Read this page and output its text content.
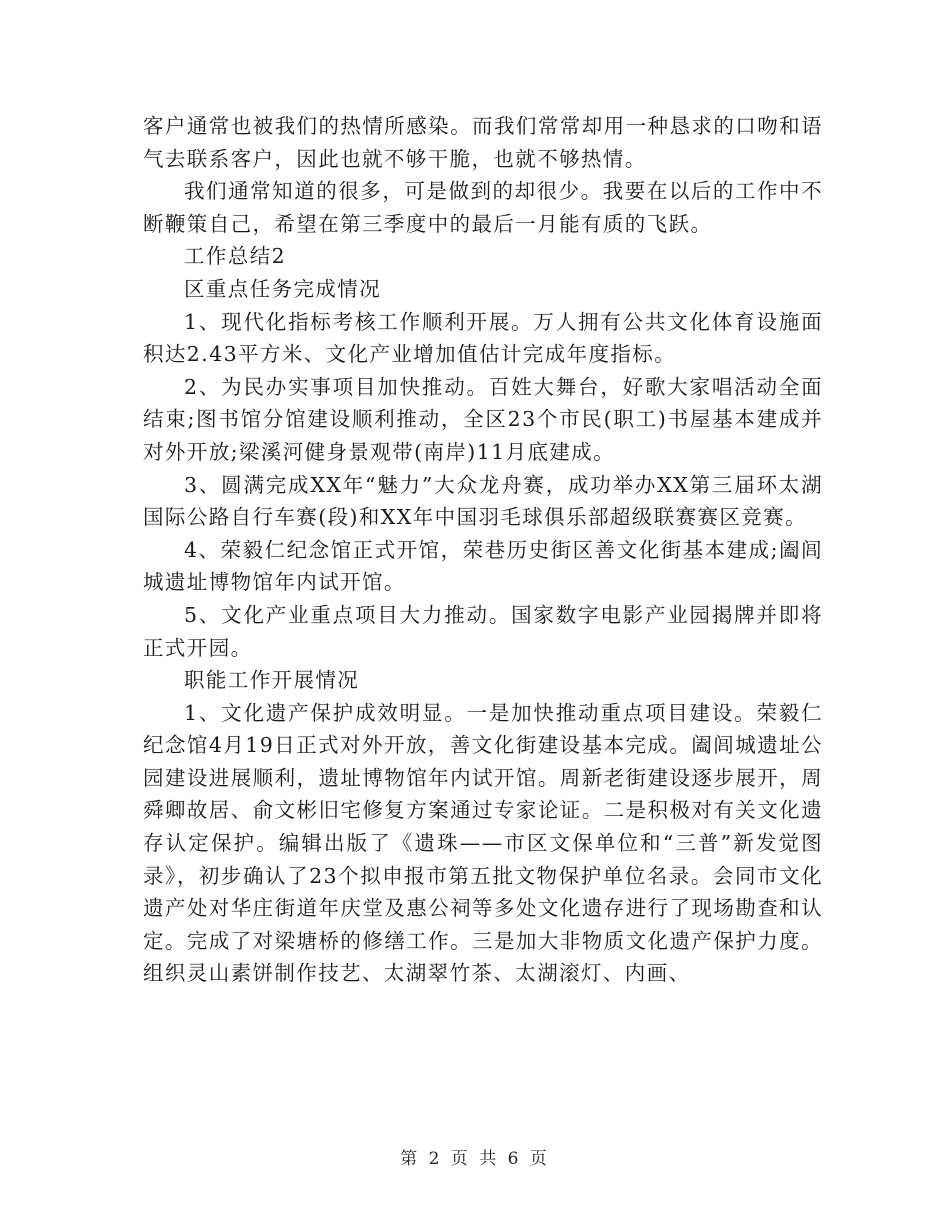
客户通常也被我们的热情所感染。而我们常常却用一种恳求的口吻和语气去联系客户，因此也就不够干脆，也就不够热情。

我们通常知道的很多，可是做到的却很少。我要在以后的工作中不断鞭策自己，希望在第三季度中的最后一月能有质的飞跃。

工作总结2

区重点任务完成情况

1、现代化指标考核工作顺利开展。万人拥有公共文化体育设施面积达2.43平方米、文化产业增加值估计完成年度指标。

2、为民办实事项目加快推动。百姓大舞台，好歌大家唱活动全面结束;图书馆分馆建设顺利推动，全区23个市民(职工)书屋基本建成并对外开放;梁溪河健身景观带(南岸)11月底建成。

3、圆满完成XX年“魅力”大众龙舟赛，成功举办XX第三届环太湖国际公路自行车赛(段)和XX年中国羽毛球俱乐部超级联赛赛区竞赛。

4、荣毅仁纪念馆正式开馆，荣巷历史街区善文化街基本建成;阖闾城遗址博物馆年内试开馆。

5、文化产业重点项目大力推动。国家数字电影产业园揭牌并即将正式开园。

职能工作开展情况

1、文化遗产保护成效明显。一是加快推动重点项目建设。荣毅仁纪念馆4月19日正式对外开放，善文化街建设基本完成。阖闾城遗址公园建设进展顺利，遗址博物馆年内试开馆。周新老街建设逐步展开，周舜卿故居、俞文彬旧宅修复方案通过专家论证。二是积极对有关文化遗存认定保护。编辑出版了《遗珠——市区文保单位和“三普”新发觉图录》，初步确认了23个拟申报市第五批文物保护单位名录。会同市文化遗产处对华庄街道年庆堂及惠公祠等多处文化遗存进行了现场勘查和认定。完成了对梁塘桥的修缮工作。三是加大非物质文化遗产保护力度。组织灵山素饼制作技艺、太湖翠竹茶、太湖滚灯、内画、

第 2 页 共 6 页
